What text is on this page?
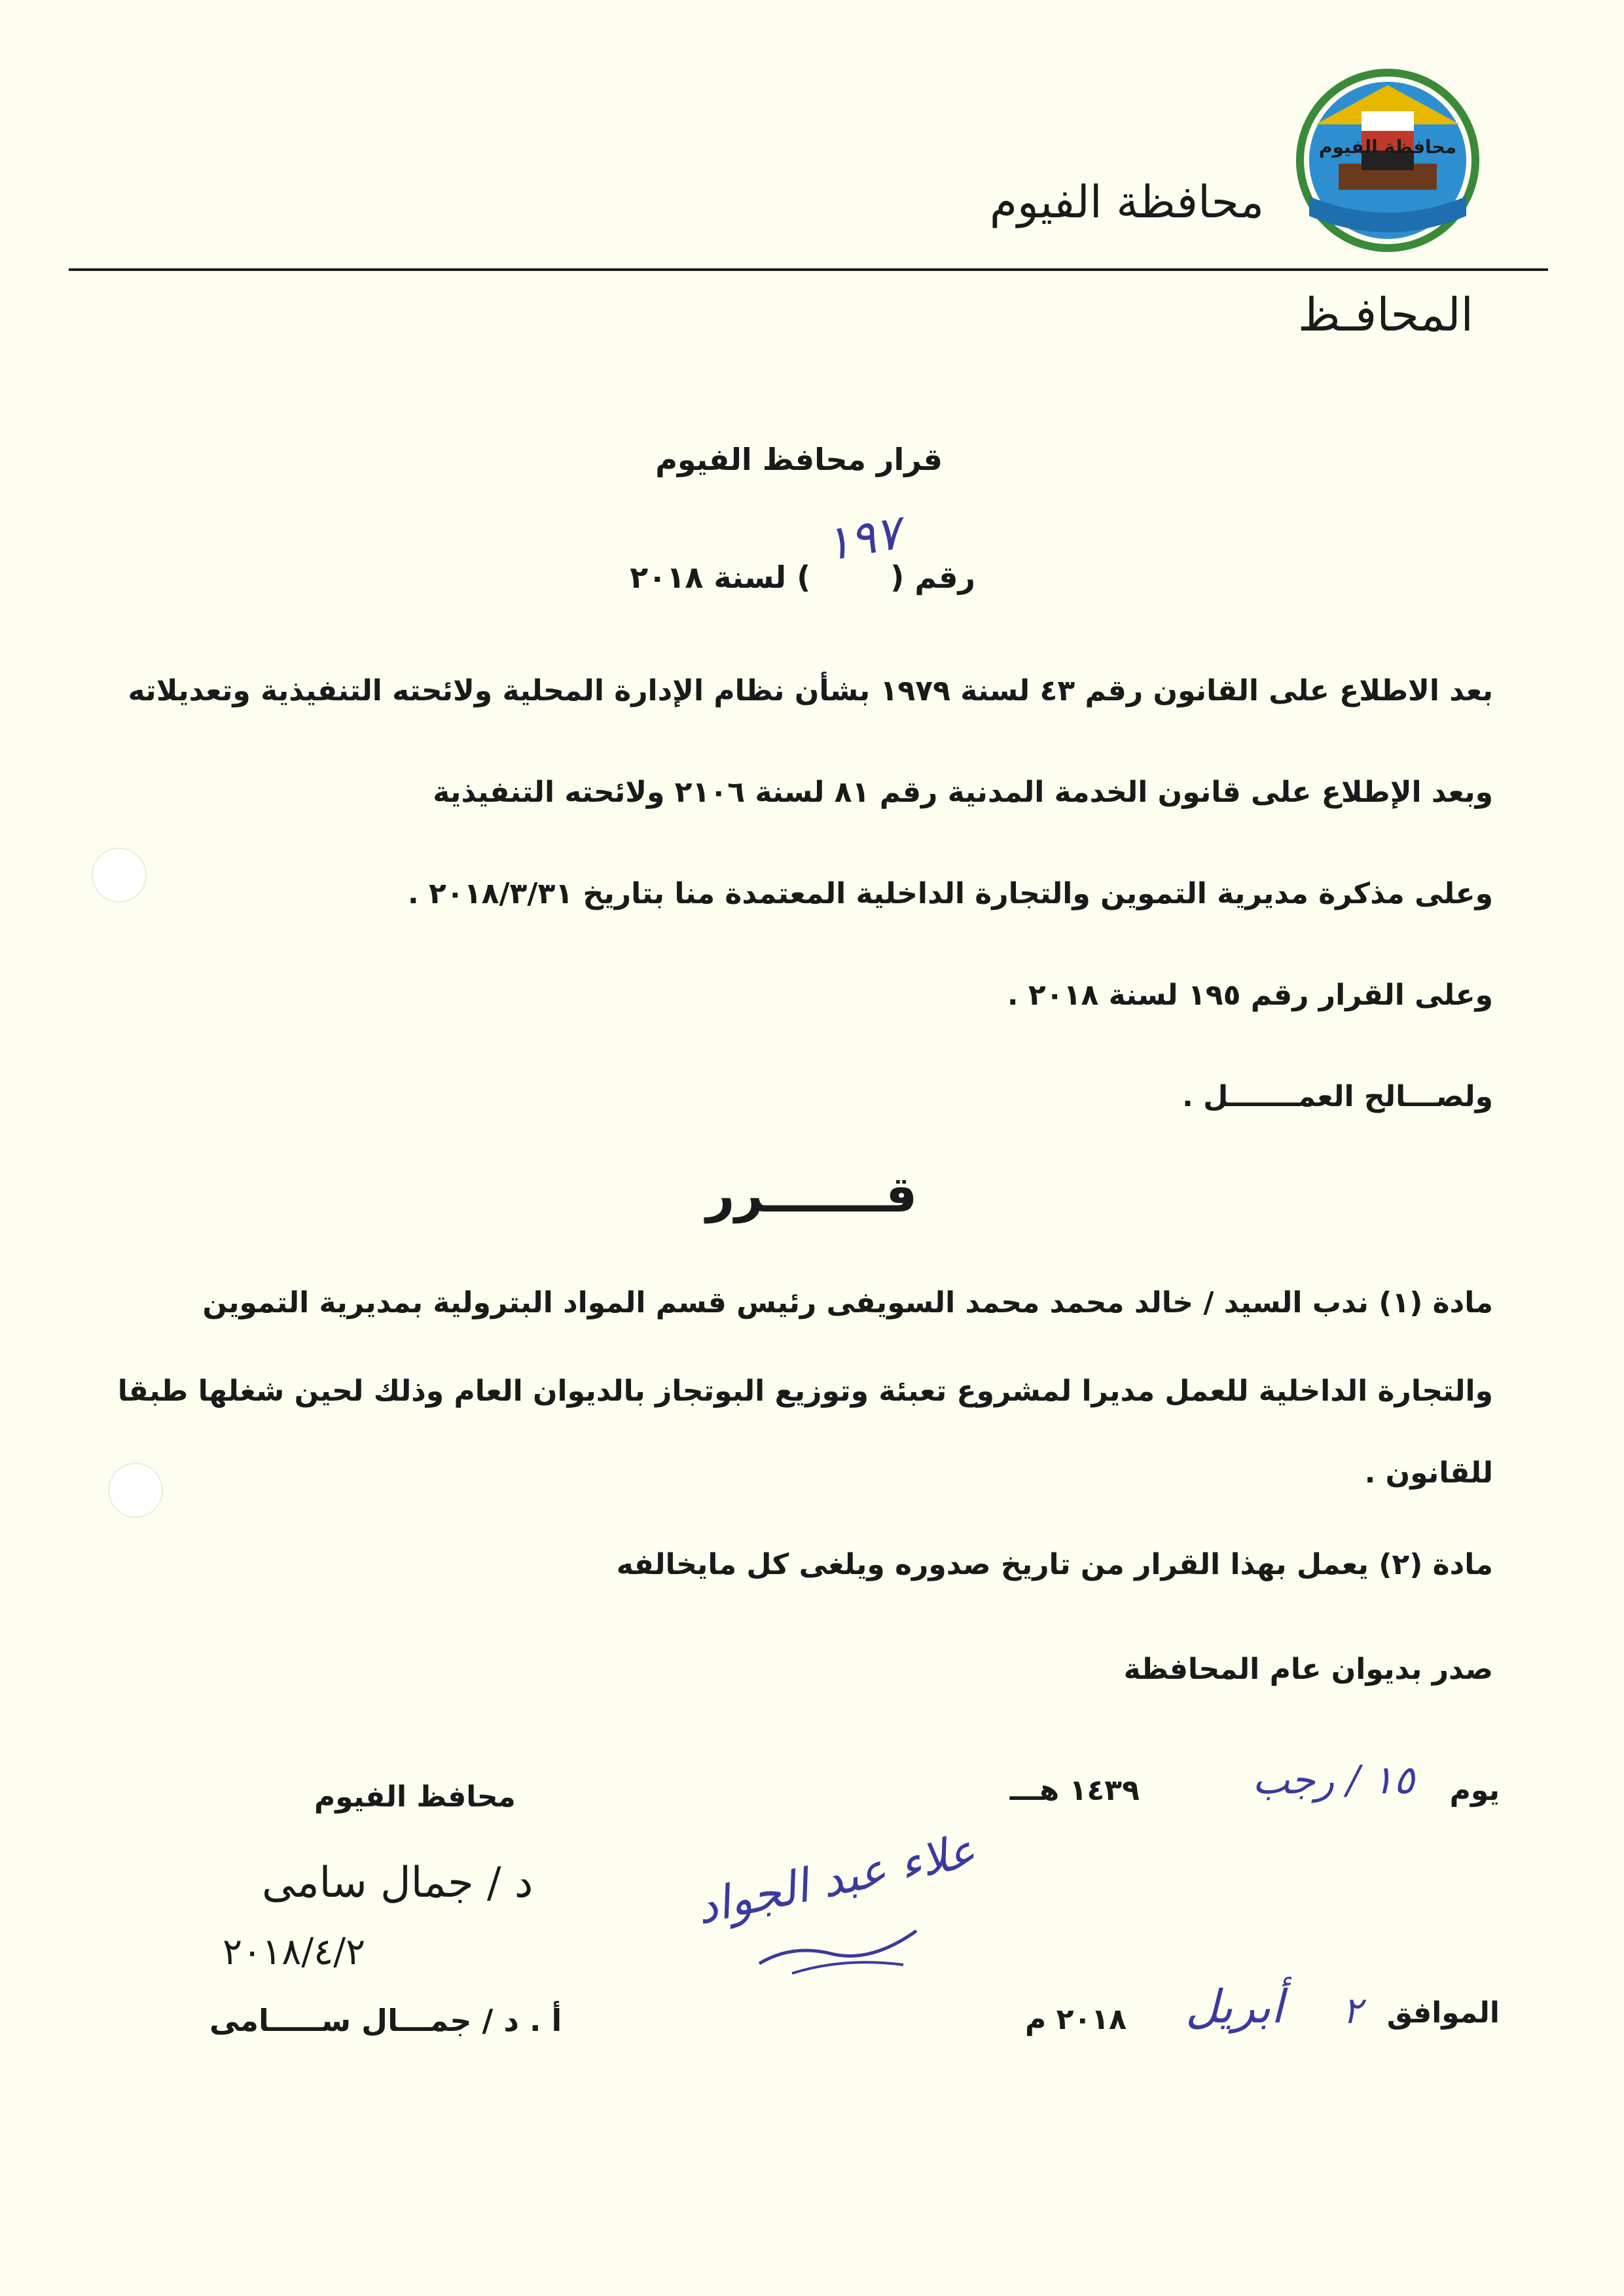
محافظة الفيوم
محافظة الفيوم
المحافـظ
قرار محافظ الفيوم
رقم (  ) لسنة ٢٠١٨
١٩٧
بعد الاطلاع على القانون رقم ٤٣ لسنة ١٩٧٩ بشأن نظام الإدارة المحلية ولائحته التنفيذية وتعديلاته
وبعد الإطلاع على قانون الخدمة المدنية رقم ٨١ لسنة ٢١٠٦ ولائحته التنفيذية
وعلى مذكرة مديرية التموين والتجارة الداخلية المعتمدة منا بتاريخ ٢٠١٨/٣/٣١ .
وعلى القرار رقم ١٩٥ لسنة ٢٠١٨ .
ولصـــالح العمـــــــل .
قـــــــرر
مادة (١) ندب السيد / خالد محمد محمد السويفى رئيس قسم المواد البترولية بمديرية التموين
والتجارة الداخلية للعمل مديرا لمشروع تعبئة وتوزيع البوتجاز بالديوان العام وذلك لحين شغلها طبقا
للقانون .
مادة (٢) يعمل بهذا القرار من تاريخ صدوره ويلغى كل مايخالفه
صدر بديوان عام المحافظة
يوم
١٥ / رجب
١٤٣٩ هـــ
محافظ الفيوم
د / جمال سامى
٢٠١٨/٤/٢
علاء عبد الجواد
الموافق
٢
أبريل
٢٠١٨ م
أ . د / جمـــال ســـــامى
